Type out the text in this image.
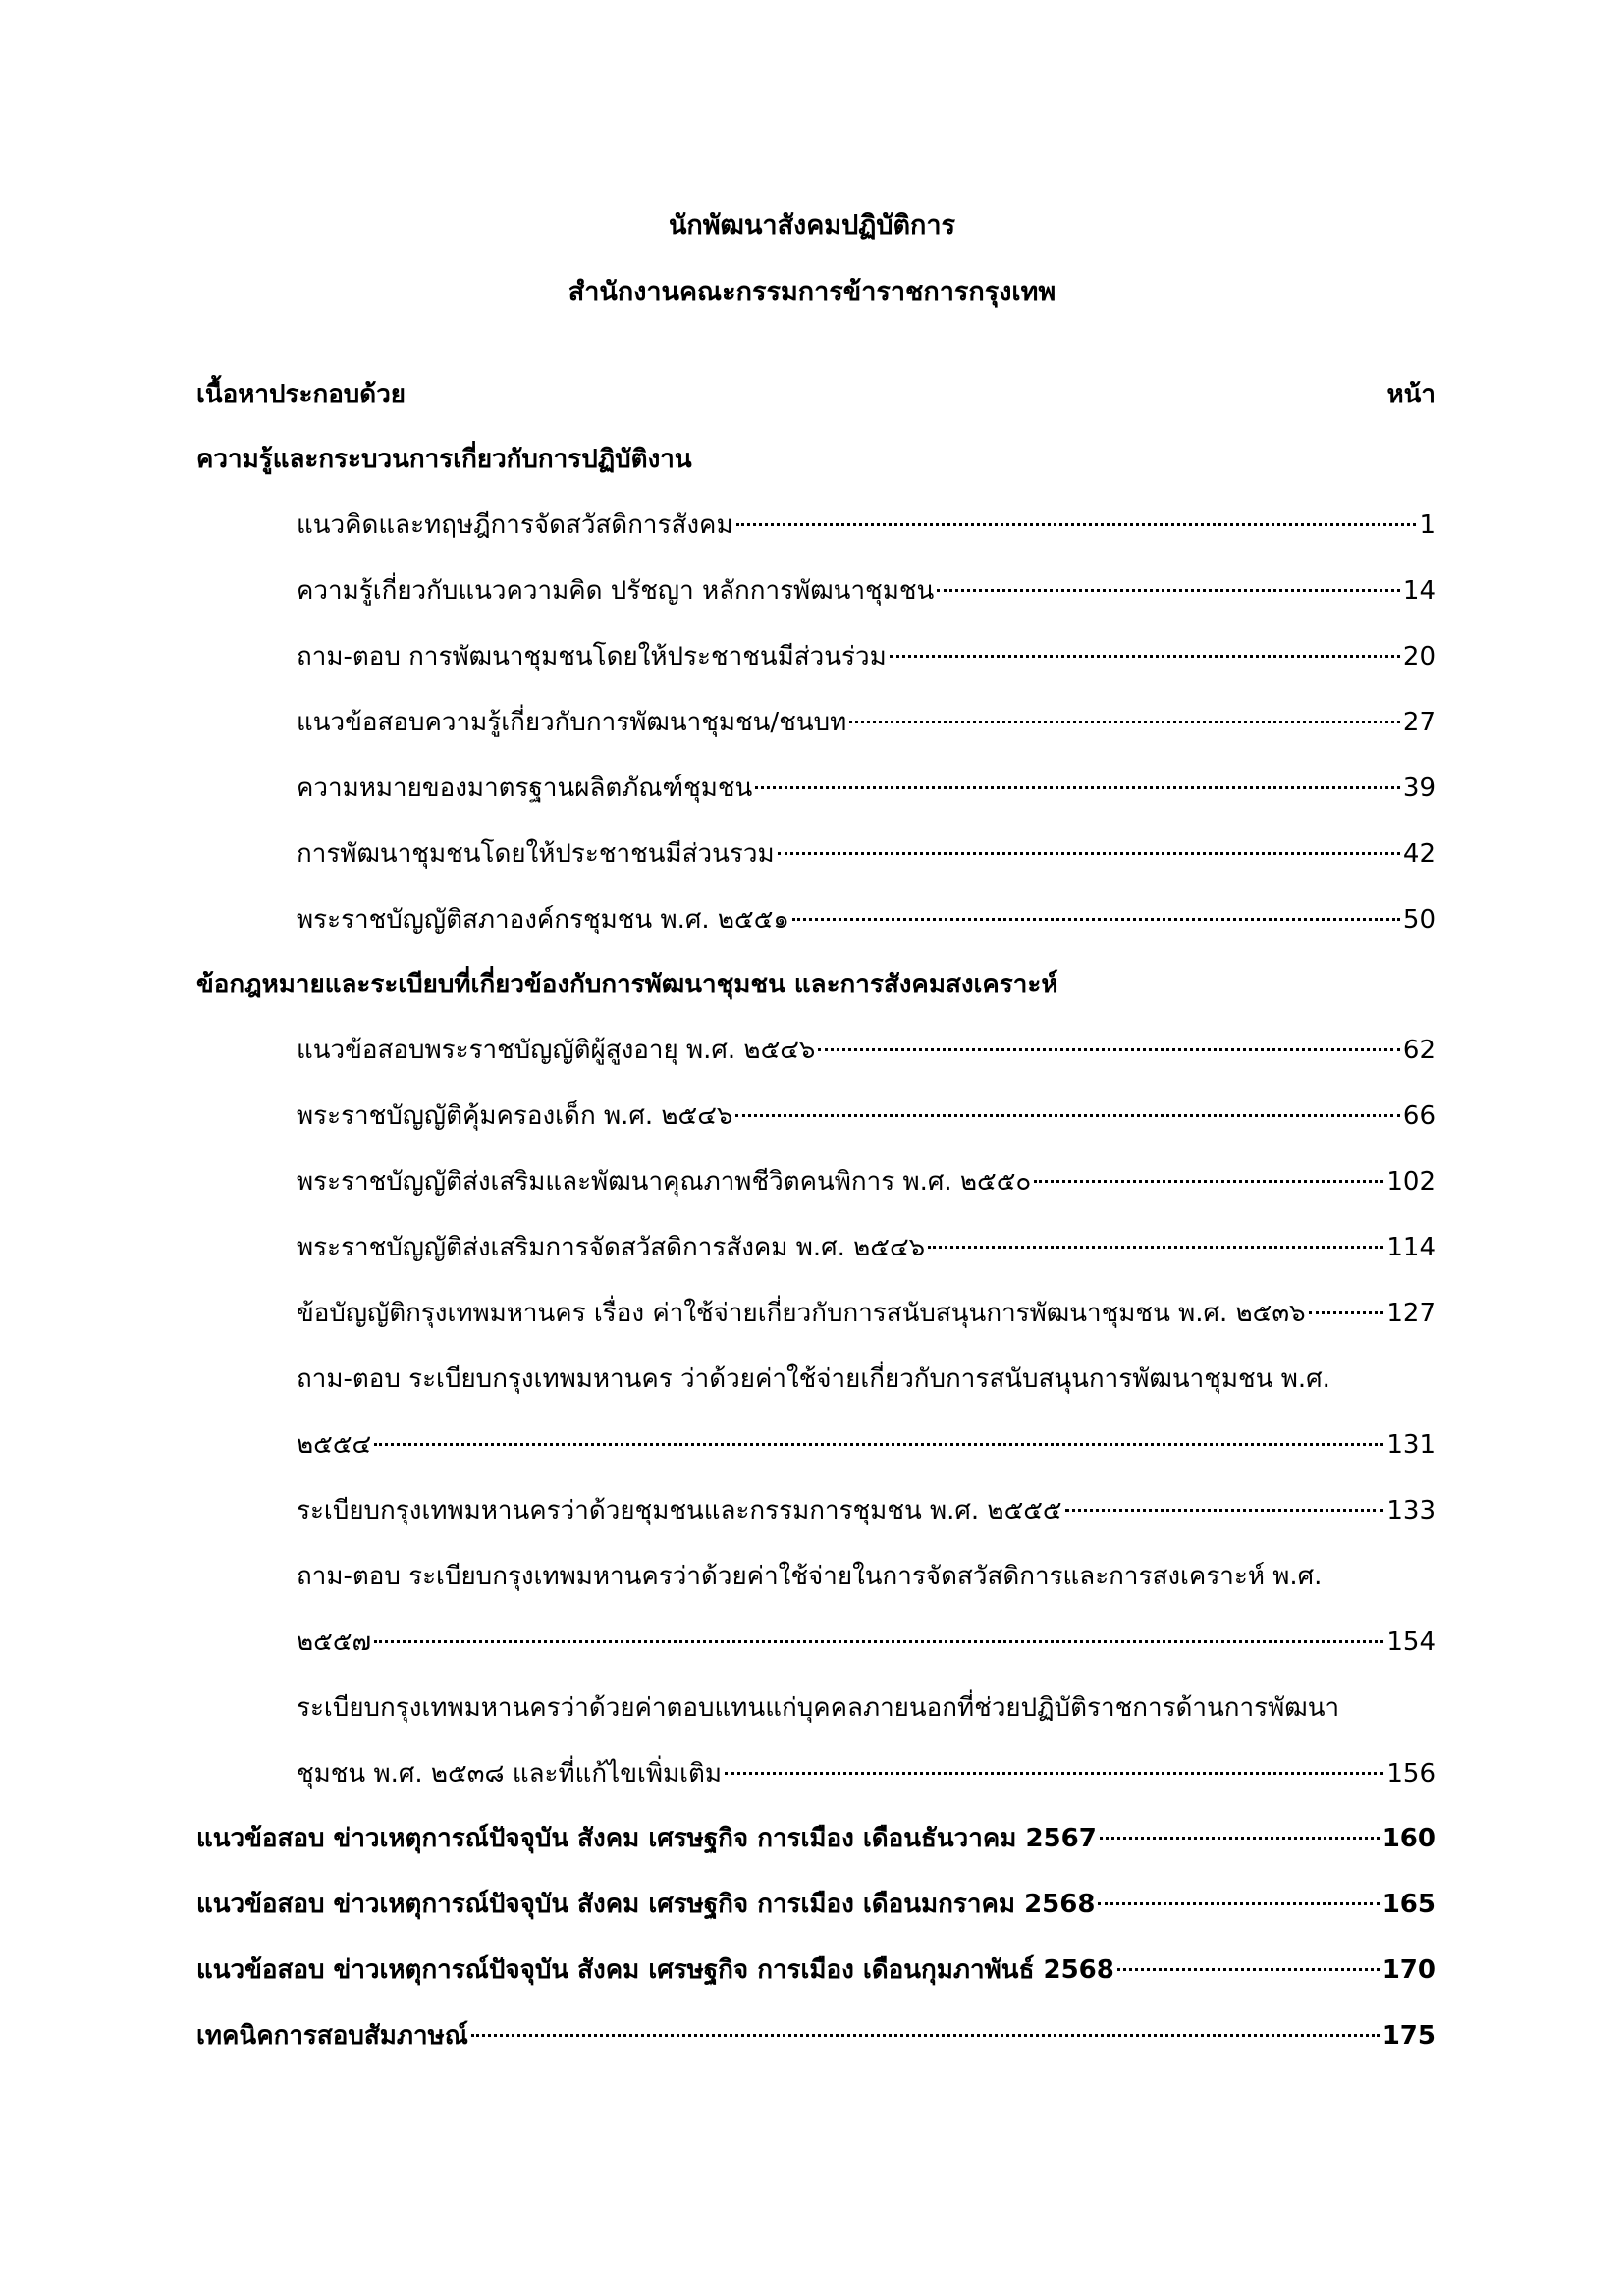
นักพัฒนาสังคมปฏิบัติการ
สำนักงานคณะกรรมการข้าราชการกรุงเทพ
เนื้อหาประกอบด้วย	หน้า
ความรู้และกระบวนการเกี่ยวกับการปฏิบัติงาน
แนวคิดและทฤษฎีการจัดสวัสดิการสังคม	1
ความรู้เกี่ยวกับแนวความคิด ปรัชญา หลักการพัฒนาชุมชน	14
ถาม-ตอบ การพัฒนาชุมชนโดยให้ประชาชนมีส่วนร่วม	20
แนวข้อสอบความรู้เกี่ยวกับการพัฒนาชุมชน/ชนบท	27
ความหมายของมาตรฐานผลิตภัณฑ์ชุมชน	39
การพัฒนาชุมชนโดยให้ประชาชนมีส่วนรวม	42
พระราชบัญญัติสภาองค์กรชุมชน พ.ศ. ๒๕๕๑	50
ข้อกฎหมายและระเบียบที่เกี่ยวข้องกับการพัฒนาชุมชน และการสังคมสงเคราะห์
แนวข้อสอบพระราชบัญญัติผู้สูงอายุ พ.ศ. ๒๕๔๖	62
พระราชบัญญัติคุ้มครองเด็ก พ.ศ. ๒๕๔๖	66
พระราชบัญญัติส่งเสริมและพัฒนาคุณภาพชีวิตคนพิการ พ.ศ. ๒๕๕๐	102
พระราชบัญญัติส่งเสริมการจัดสวัสดิการสังคม พ.ศ. ๒๕๔๖	114
ข้อบัญญัติกรุงเทพมหานคร เรื่อง ค่าใช้จ่ายเกี่ยวกับการสนับสนุนการพัฒนาชุมชน พ.ศ. ๒๕๓๖	127
ถาม-ตอบ ระเบียบกรุงเทพมหานคร ว่าด้วยค่าใช้จ่ายเกี่ยวกับการสนับสนุนการพัฒนาชุมชน พ.ศ.
๒๕๕๔	131
ระเบียบกรุงเทพมหานครว่าด้วยชุมชนและกรรมการชุมชน พ.ศ. ๒๕๕๕	133
ถาม-ตอบ ระเบียบกรุงเทพมหานครว่าด้วยค่าใช้จ่ายในการจัดสวัสดิการและการสงเคราะห์ พ.ศ.
๒๕๕๗	154
ระเบียบกรุงเทพมหานครว่าด้วยค่าตอบแทนแก่บุคคลภายนอกที่ช่วยปฏิบัติราชการด้านการพัฒนา
ชุมชน พ.ศ. ๒๕๓๘ และที่แก้ไขเพิ่มเติม	156
แนวข้อสอบ ข่าวเหตุการณ์ปัจจุบัน สังคม เศรษฐกิจ การเมือง เดือนธันวาคม 2567	160
แนวข้อสอบ ข่าวเหตุการณ์ปัจจุบัน สังคม เศรษฐกิจ การเมือง เดือนมกราคม 2568	165
แนวข้อสอบ ข่าวเหตุการณ์ปัจจุบัน สังคม เศรษฐกิจ การเมือง เดือนกุมภาพันธ์ 2568	170
เทคนิคการสอบสัมภาษณ์	175
